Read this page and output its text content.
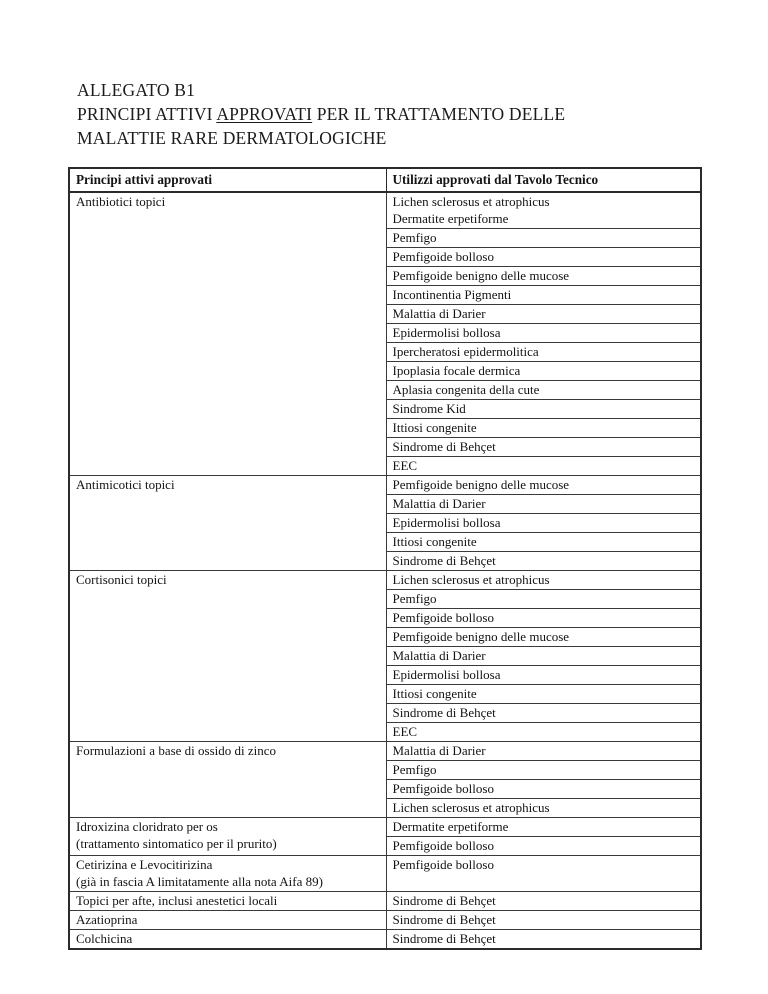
ALLEGATO B1
PRINCIPI ATTIVI APPROVATI PER IL TRATTAMENTO DELLE
MALATTIE RARE DERMATOLOGICHE
Principi attivi approvati	Utilizzi approvati dal Tavolo Tecnico

Antibiotici topici	Lichen sclerosus et atrophicus
Dermatite erpetiforme

	Pemfigo

	Pemfigoide bolloso

	Pemfigoide benigno delle mucose

	Incontinentia Pigmenti

	Malattia di Darier

	Epidermolisi bollosa

	Ipercheratosi epidermolitica

	Ipoplasia focale dermica

	Aplasia congenita della cute

	Sindrome Kid

	Ittiosi congenite

	Sindrome di Behçet

	EEC

Antimicotici topici	Pemfigoide benigno delle mucose

	Malattia di Darier

	Epidermolisi bollosa

	Ittiosi congenite

	Sindrome di Behçet

Cortisonici topici	Lichen sclerosus et atrophicus

	Pemfigo

	Pemfigoide bolloso

	Pemfigoide benigno delle mucose

	Malattia di Darier

	Epidermolisi bollosa

	Ittiosi congenite

	Sindrome di Behçet

	EEC

Formulazioni a base di ossido di zinco	Malattia di Darier

	Pemfigo

	Pemfigoide bolloso

	Lichen sclerosus et atrophicus

Idroxizina cloridrato per os
(trattamento sintomatico per il prurito)	Dermatite erpetiforme

	Pemfigoide bolloso

Cetirizina e Levocitirizina
(già in fascia A limitatamente alla nota Aifa 89)	Pemfigoide bolloso

Topici per afte, inclusi anestetici locali	Sindrome di Behçet

Azatioprina	Sindrome di Behçet

Colchicina	Sindrome di Behçet
